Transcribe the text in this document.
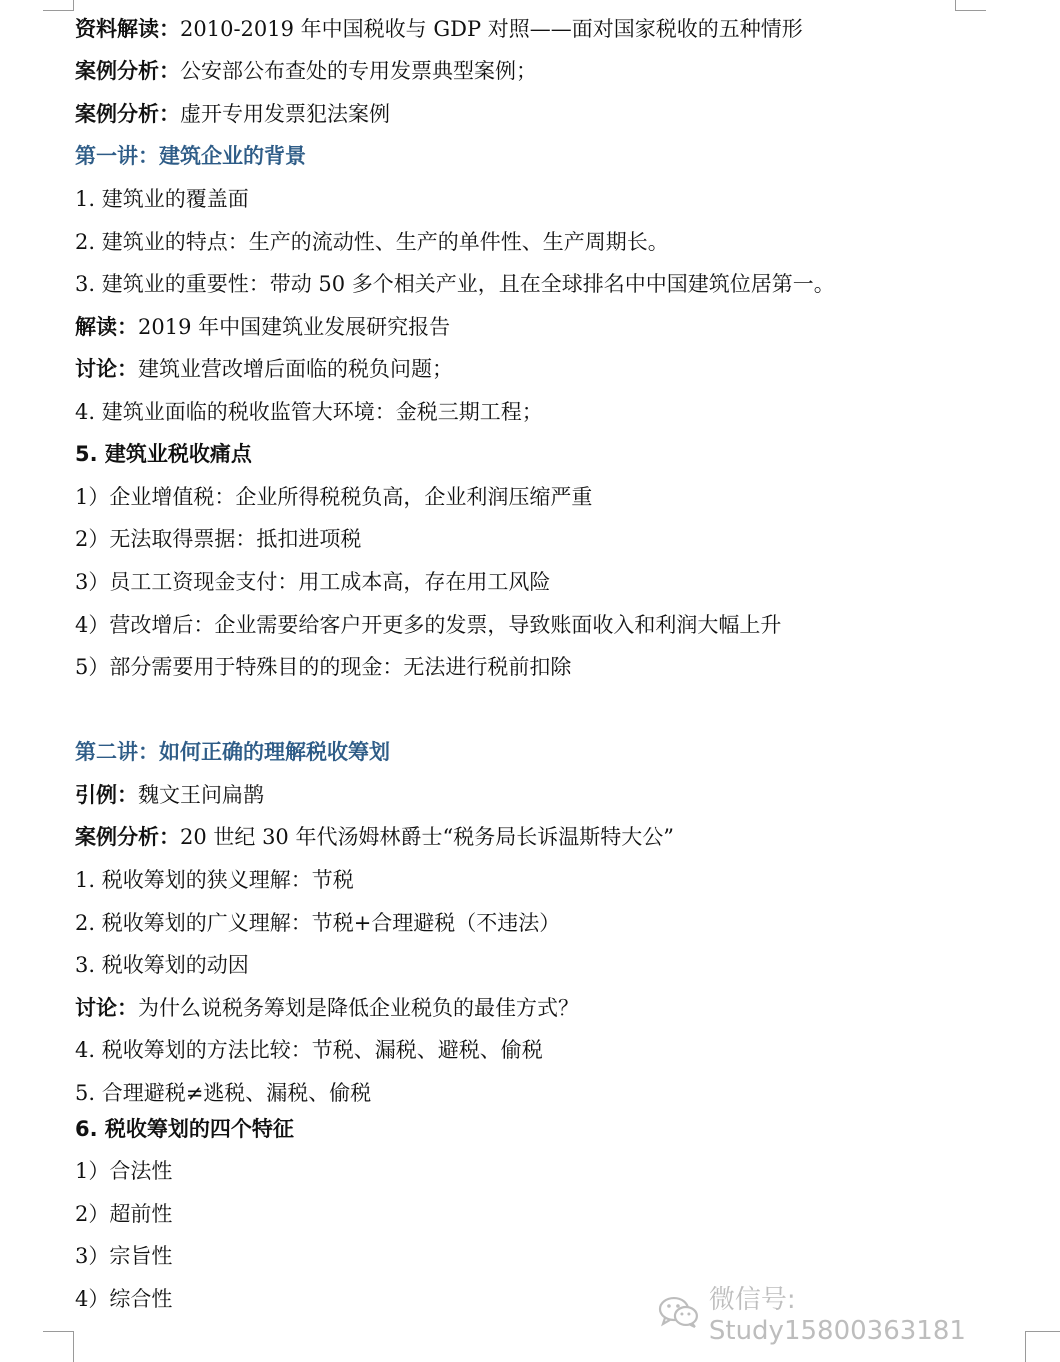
资料解读：2010-2019 年中国税收与 GDP 对照——面对国家税收的五种情形
案例分析：公安部公布查处的专用发票典型案例；
案例分析：虚开专用发票犯法案例
第一讲：建筑企业的背景
1. 建筑业的覆盖面
2. 建筑业的特点：生产的流动性、生产的单件性、生产周期长。
3. 建筑业的重要性：带动 50 多个相关产业，且在全球排名中中国建筑位居第一。
解读：2019 年中国建筑业发展研究报告
讨论：建筑业营改增后面临的税负问题；
4. 建筑业面临的税收监管大环境：金税三期工程；
5. 建筑业税收痛点
1）企业增值税：企业所得税税负高，企业利润压缩严重
2）无法取得票据：抵扣进项税
3）员工工资现金支付：用工成本高，存在用工风险
4）营改增后：企业需要给客户开更多的发票，导致账面收入和利润大幅上升
5）部分需要用于特殊目的的现金：无法进行税前扣除
第二讲：如何正确的理解税收筹划
引例：魏文王问扁鹊
案例分析：20 世纪 30 年代汤姆林爵士“税务局长诉温斯特大公”
1. 税收筹划的狭义理解：节税
2. 税收筹划的广义理解：节税+合理避税（不违法）
3. 税收筹划的动因
讨论：为什么说税务筹划是降低企业税负的最佳方式？
4. 税收筹划的方法比较：节税、漏税、避税、偷税
5. 合理避税≠逃税、漏税、偷税
6. 税收筹划的四个特征
1）合法性
2）超前性
3）宗旨性
4）综合性	微信号: Study15800363181
